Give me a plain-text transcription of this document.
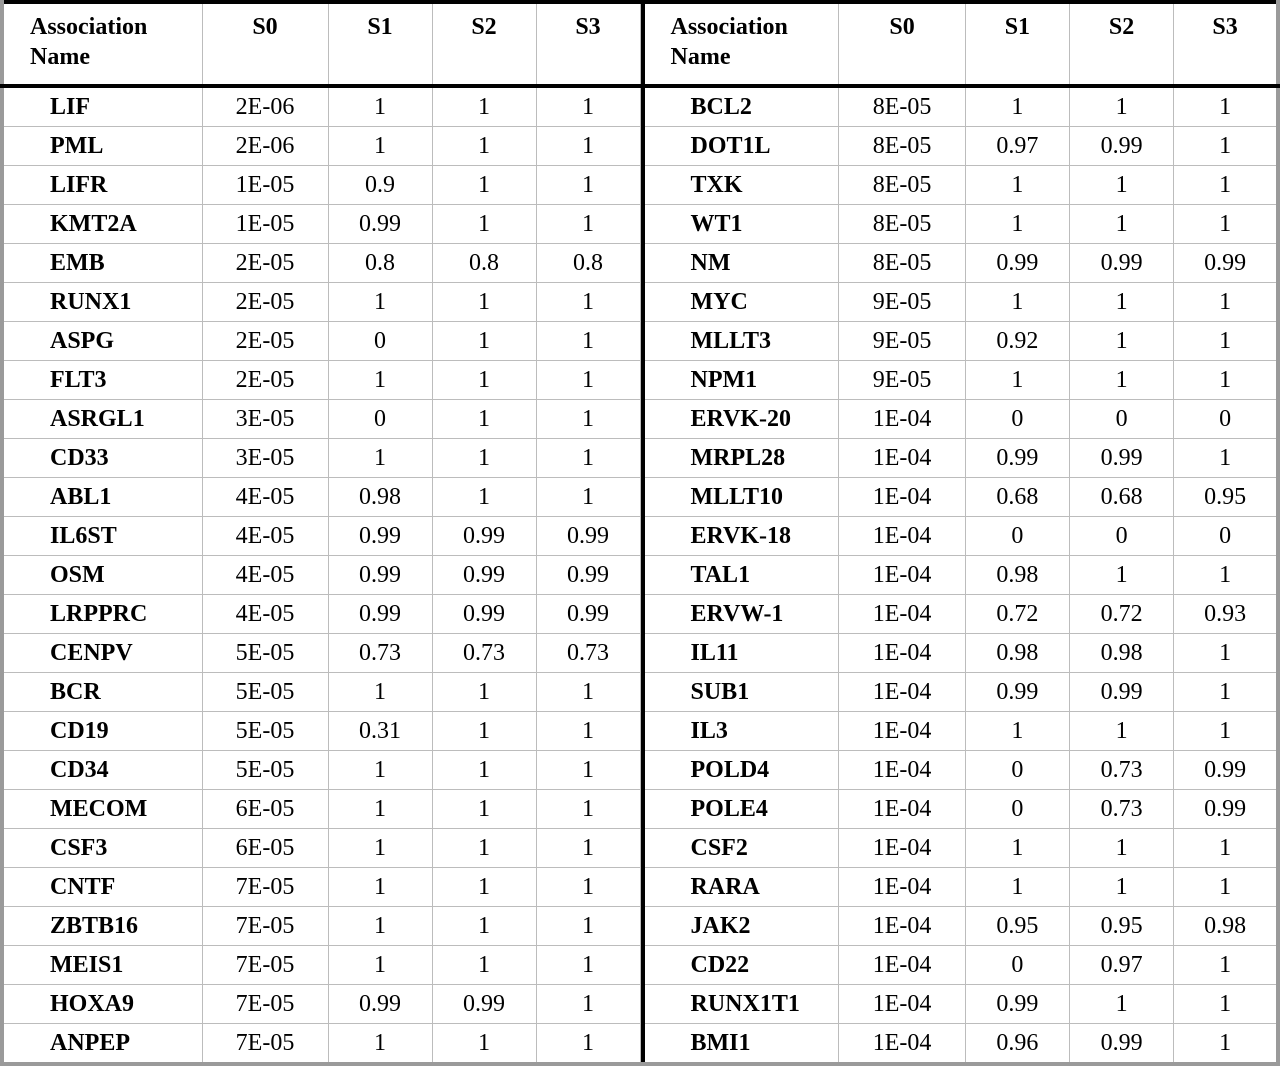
Association
Name	S0	S1	S2	S3
LIF	2E-06	1	1	1
PML	2E-06	1	1	1
LIFR	1E-05	0.9	1	1
KMT2A	1E-05	0.99	1	1
EMB	2E-05	0.8	0.8	0.8
RUNX1	2E-05	1	1	1
ASPG	2E-05	0	1	1
FLT3	2E-05	1	1	1
ASRGL1	3E-05	0	1	1
CD33	3E-05	1	1	1
ABL1	4E-05	0.98	1	1
IL6ST	4E-05	0.99	0.99	0.99
OSM	4E-05	0.99	0.99	0.99
LRPPRC	4E-05	0.99	0.99	0.99
CENPV	5E-05	0.73	0.73	0.73
BCR	5E-05	1	1	1
CD19	5E-05	0.31	1	1
CD34	5E-05	1	1	1
MECOM	6E-05	1	1	1
CSF3	6E-05	1	1	1
CNTF	7E-05	1	1	1
ZBTB16	7E-05	1	1	1
MEIS1	7E-05	1	1	1
HOXA9	7E-05	0.99	0.99	1
ANPEP	7E-05	1	1	1
Association
Name	S0	S1	S2	S3
BCL2	8E-05	1	1	1
DOT1L	8E-05	0.97	0.99	1
TXK	8E-05	1	1	1
WT1	8E-05	1	1	1
NM	8E-05	0.99	0.99	0.99
MYC	9E-05	1	1	1
MLLT3	9E-05	0.92	1	1
NPM1	9E-05	1	1	1
ERVK-20	1E-04	0	0	0
MRPL28	1E-04	0.99	0.99	1
MLLT10	1E-04	0.68	0.68	0.95
ERVK-18	1E-04	0	0	0
TAL1	1E-04	0.98	1	1
ERVW-1	1E-04	0.72	0.72	0.93
IL11	1E-04	0.98	0.98	1
SUB1	1E-04	0.99	0.99	1
IL3	1E-04	1	1	1
POLD4	1E-04	0	0.73	0.99
POLE4	1E-04	0	0.73	0.99
CSF2	1E-04	1	1	1
RARA	1E-04	1	1	1
JAK2	1E-04	0.95	0.95	0.98
CD22	1E-04	0	0.97	1
RUNX1T1	1E-04	0.99	1	1
BMI1	1E-04	0.96	0.99	1
